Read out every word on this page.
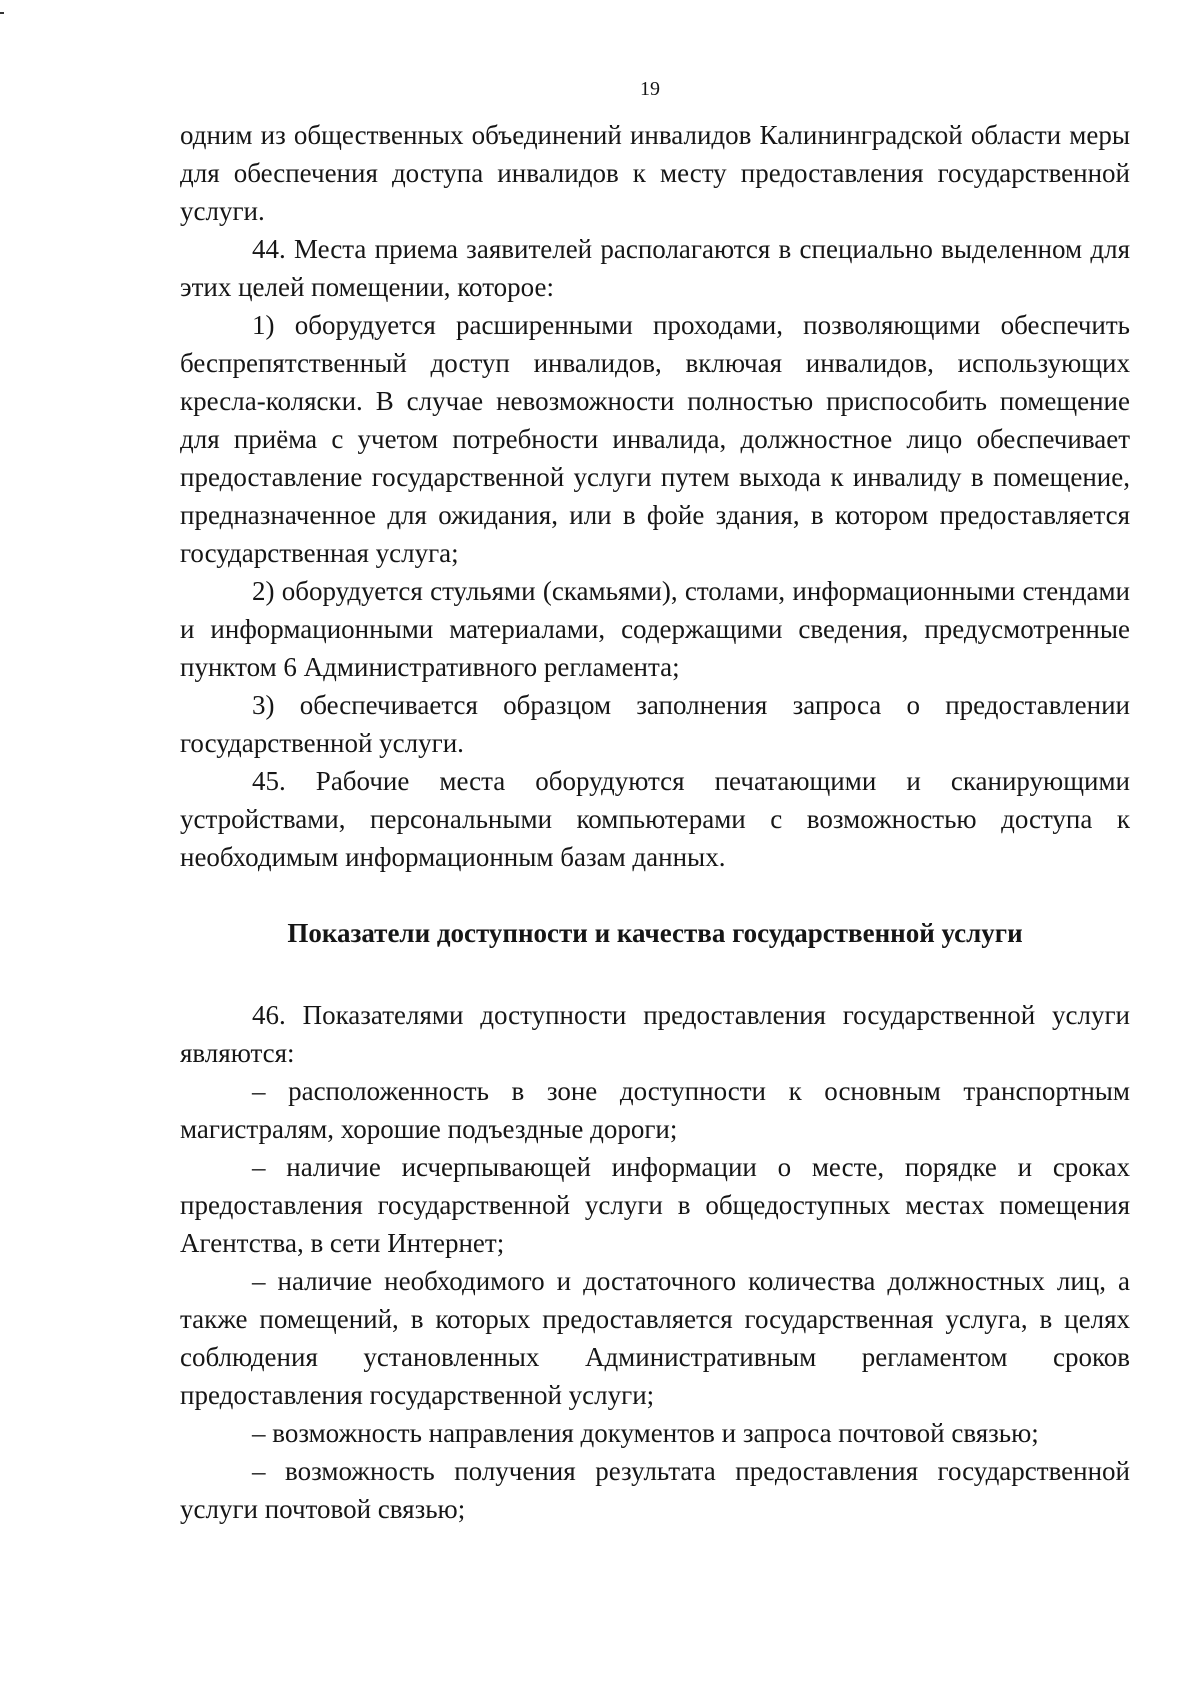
19

одним из общественных объединений инвалидов Калининградской области меры для обеспечения доступа инвалидов к месту предоставления государственной услуги.

44. Места приема заявителей располагаются в специально выделенном для этих целей помещении, которое:

1) оборудуется расширенными проходами, позволяющими обеспечить беспрепятственный доступ инвалидов, включая инвалидов, использующих кресла-коляски. В случае невозможности полностью приспособить помещение для приёма с учетом потребности инвалида, должностное лицо обеспечивает предоставление государственной услуги путем выхода к инвалиду в помещение, предназначенное для ожидания, или в фойе здания, в котором предоставляется государственная услуга;

2) оборудуется стульями (скамьями), столами, информационными стендами и информационными материалами, содержащими сведения, предусмотренные пунктом 6 Административного регламента;

3) обеспечивается образцом заполнения запроса о предоставлении государственной услуги.

45. Рабочие места оборудуются печатающими и сканирующими устройствами, персональными компьютерами с возможностью доступа к необходимым информационным базам данных.

Показатели доступности и качества государственной услуги

46. Показателями доступности предоставления государственной услуги являются:

– расположенность в зоне доступности к основным транспортным магистралям, хорошие подъездные дороги;

– наличие исчерпывающей информации о месте, порядке и сроках предоставления государственной услуги в общедоступных местах помещения Агентства, в сети Интернет;

– наличие необходимого и достаточного количества должностных лиц, а также помещений, в которых предоставляется государственная услуга, в целях соблюдения установленных Административным регламентом сроков предоставления государственной услуги;

– возможность направления документов и запроса почтовой связью;

– возможность получения результата предоставления государственной услуги почтовой связью;
